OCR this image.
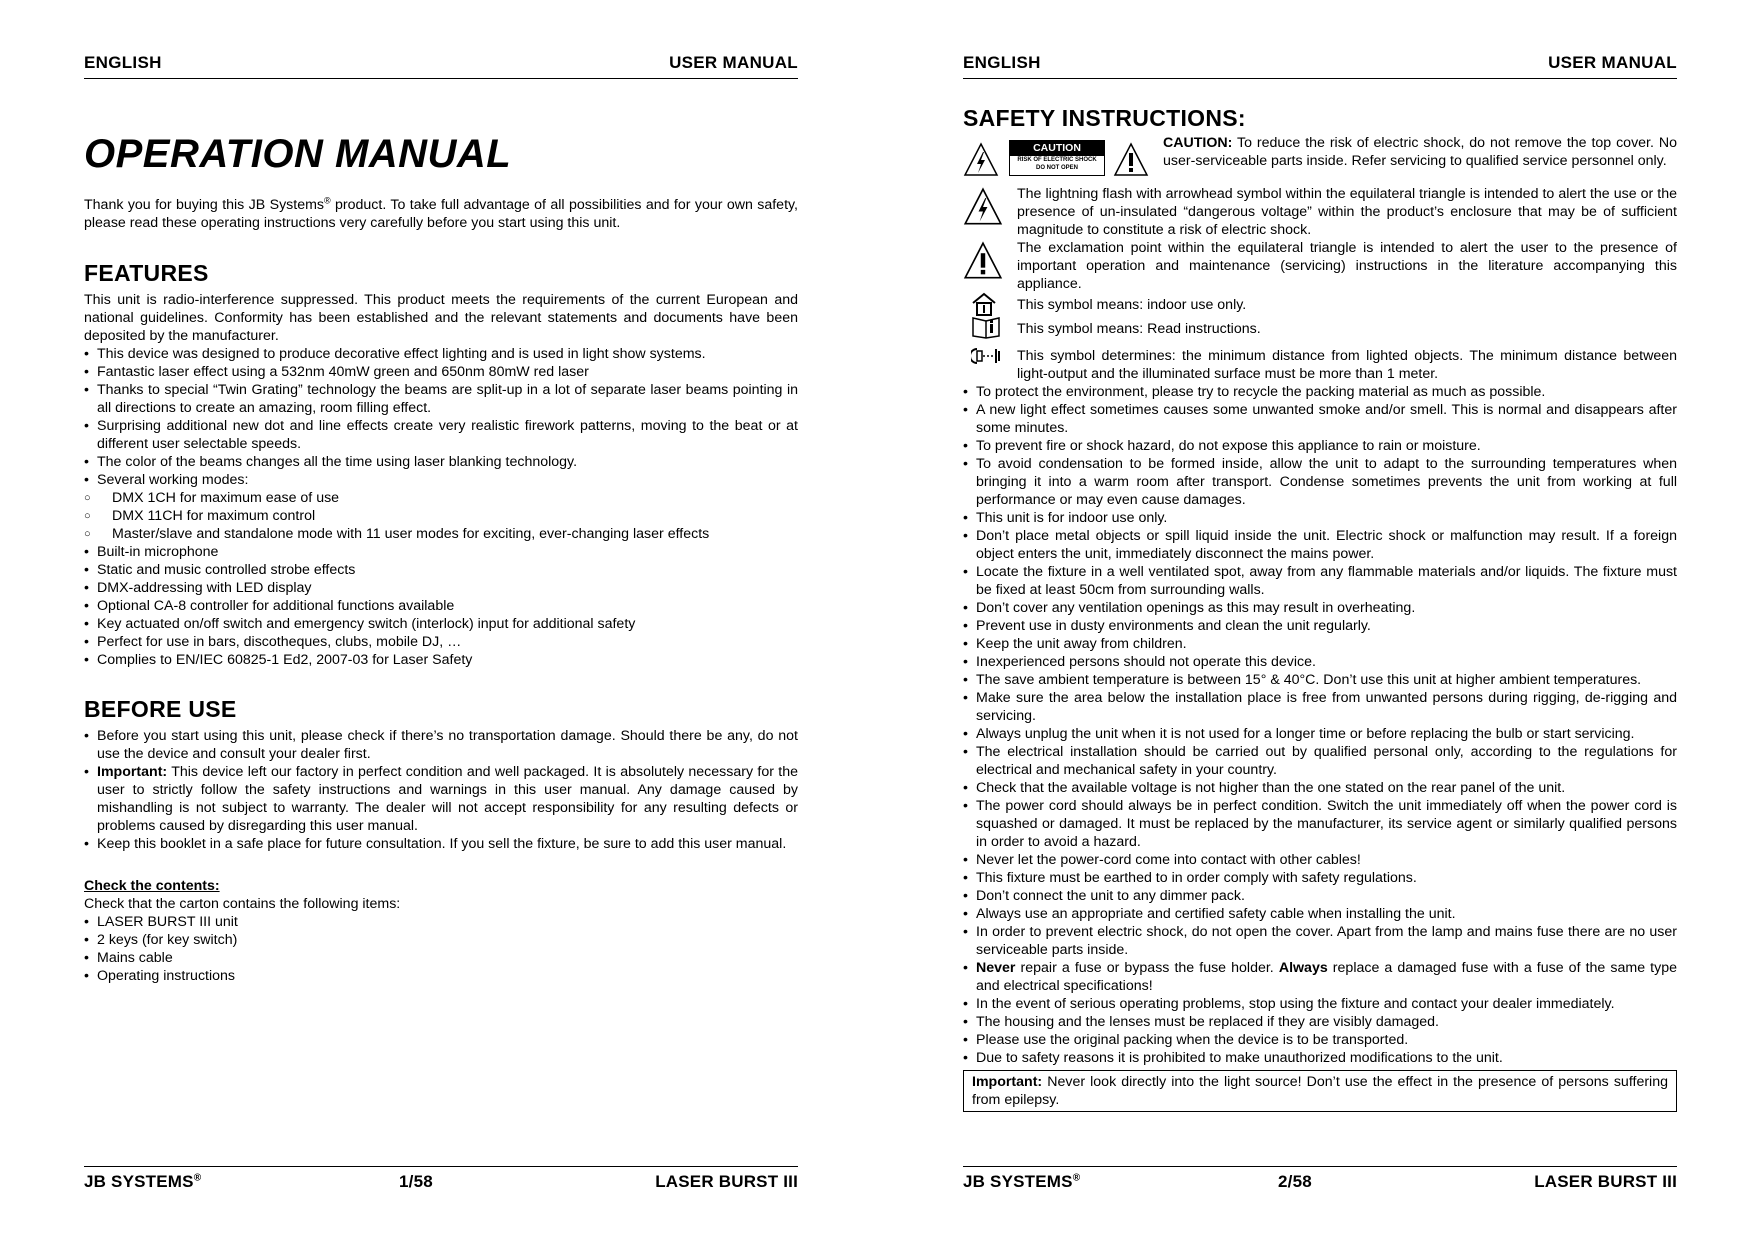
ENGLISH	USER MANUAL
OPERATION MANUAL

Thank you for buying this JB Systems® product. To take full advantage of all possibilities and for your own safety, please read these operating instructions very carefully before you start using this unit.

FEATURES

This unit is radio-interference suppressed. This product meets the requirements of the current European and national guidelines. Conformity has been established and the relevant statements and documents have been deposited by the manufacturer.

• This device was designed to produce decorative effect lighting and is used in light show systems.
• Fantastic laser effect using a 532nm 40mW green and 650nm 80mW red laser
• Thanks to special “Twin Grating” technology the beams are split-up in a lot of separate laser beams pointing in all directions to create an amazing, room filling effect.
• Surprising additional new dot and line effects create very realistic firework patterns, moving to the beat or at different user selectable speeds.
• The color of the beams changes all the time using laser blanking technology.
• Several working modes:
○ DMX 1CH for maximum ease of use
○ DMX 11CH for maximum control
○ Master/slave and standalone mode with 11 user modes for exciting, ever-changing laser effects
• Built-in microphone
• Static and music controlled strobe effects
• DMX-addressing with LED display
• Optional CA-8 controller for additional functions available
• Key actuated on/off switch and emergency switch (interlock) input for additional safety
• Perfect for use in bars, discotheques, clubs, mobile DJ, …
• Complies to EN/IEC 60825-1 Ed2, 2007-03 for Laser Safety
BEFORE USE
• Before you start using this unit, please check if there’s no transportation damage. Should there be any, do not use the device and consult your dealer first.
• Important: This device left our factory in perfect condition and well packaged. It is absolutely necessary for the user to strictly follow the safety instructions and warnings in this user manual. Any damage caused by mishandling is not subject to warranty. The dealer will not accept responsibility for any resulting defects or problems caused by disregarding this user manual.
• Keep this booklet in a safe place for future consultation. If you sell the fixture, be sure to add this user manual.
Check the contents:

Check that the carton contains the following items:

• LASER BURST III unit
• 2 keys (for key switch)
• Mains cable
• Operating instructions
JB SYSTEMS®	1/58	LASER BURST III
ENGLISH	USER MANUAL
SAFETY INSTRUCTIONS:
CAUTION
RISK OF ELECTRIC SHOCK
DO NOT OPEN
CAUTION: To reduce the risk of electric shock, do not remove the top cover. No user-serviceable parts inside. Refer servicing to qualified service personnel only.
The lightning flash with arrowhead symbol within the equilateral triangle is intended to alert the use or the presence of un-insulated “dangerous voltage” within the product’s enclosure that may be of sufficient magnitude to constitute a risk of electric shock.
The exclamation point within the equilateral triangle is intended to alert the user to the presence of important operation and maintenance (servicing) instructions in the literature accompanying this appliance.
This symbol means: indoor use only.
This symbol means: Read instructions.
This symbol determines: the minimum distance from lighted objects. The minimum distance between light-output and the illuminated surface must be more than 1 meter.
• To protect the environment, please try to recycle the packing material as much as possible.
• A new light effect sometimes causes some unwanted smoke and/or smell. This is normal and disappears after some minutes.
• To prevent fire or shock hazard, do not expose this appliance to rain or moisture.
• To avoid condensation to be formed inside, allow the unit to adapt to the surrounding temperatures when bringing it into a warm room after transport. Condense sometimes prevents the unit from working at full performance or may even cause damages.
• This unit is for indoor use only.
• Don’t place metal objects or spill liquid inside the unit. Electric shock or malfunction may result. If a foreign object enters the unit, immediately disconnect the mains power.
• Locate the fixture in a well ventilated spot, away from any flammable materials and/or liquids. The fixture must be fixed at least 50cm from surrounding walls.
• Don’t cover any ventilation openings as this may result in overheating.
• Prevent use in dusty environments and clean the unit regularly.
• Keep the unit away from children.
• Inexperienced persons should not operate this device.
• The save ambient temperature is between 15° & 40°C. Don’t use this unit at higher ambient temperatures.
• Make sure the area below the installation place is free from unwanted persons during rigging, de-rigging and servicing.
• Always unplug the unit when it is not used for a longer time or before replacing the bulb or start servicing.
• The electrical installation should be carried out by qualified personal only, according to the regulations for electrical and mechanical safety in your country.
• Check that the available voltage is not higher than the one stated on the rear panel of the unit.
• The power cord should always be in perfect condition. Switch the unit immediately off when the power cord is squashed or damaged. It must be replaced by the manufacturer, its service agent or similarly qualified persons in order to avoid a hazard.
• Never let the power-cord come into contact with other cables!
• This fixture must be earthed to in order comply with safety regulations.
• Don’t connect the unit to any dimmer pack.
• Always use an appropriate and certified safety cable when installing the unit.
• In order to prevent electric shock, do not open the cover. Apart from the lamp and mains fuse there are no user serviceable parts inside.
• Never repair a fuse or bypass the fuse holder. Always replace a damaged fuse with a fuse of the same type and electrical specifications!
• In the event of serious operating problems, stop using the fixture and contact your dealer immediately.
• The housing and the lenses must be replaced if they are visibly damaged.
• Please use the original packing when the device is to be transported.
• Due to safety reasons it is prohibited to make unauthorized modifications to the unit.
Important: Never look directly into the light source! Don’t use the effect in the presence of persons suffering from epilepsy.
JB SYSTEMS®	2/58	LASER BURST III
